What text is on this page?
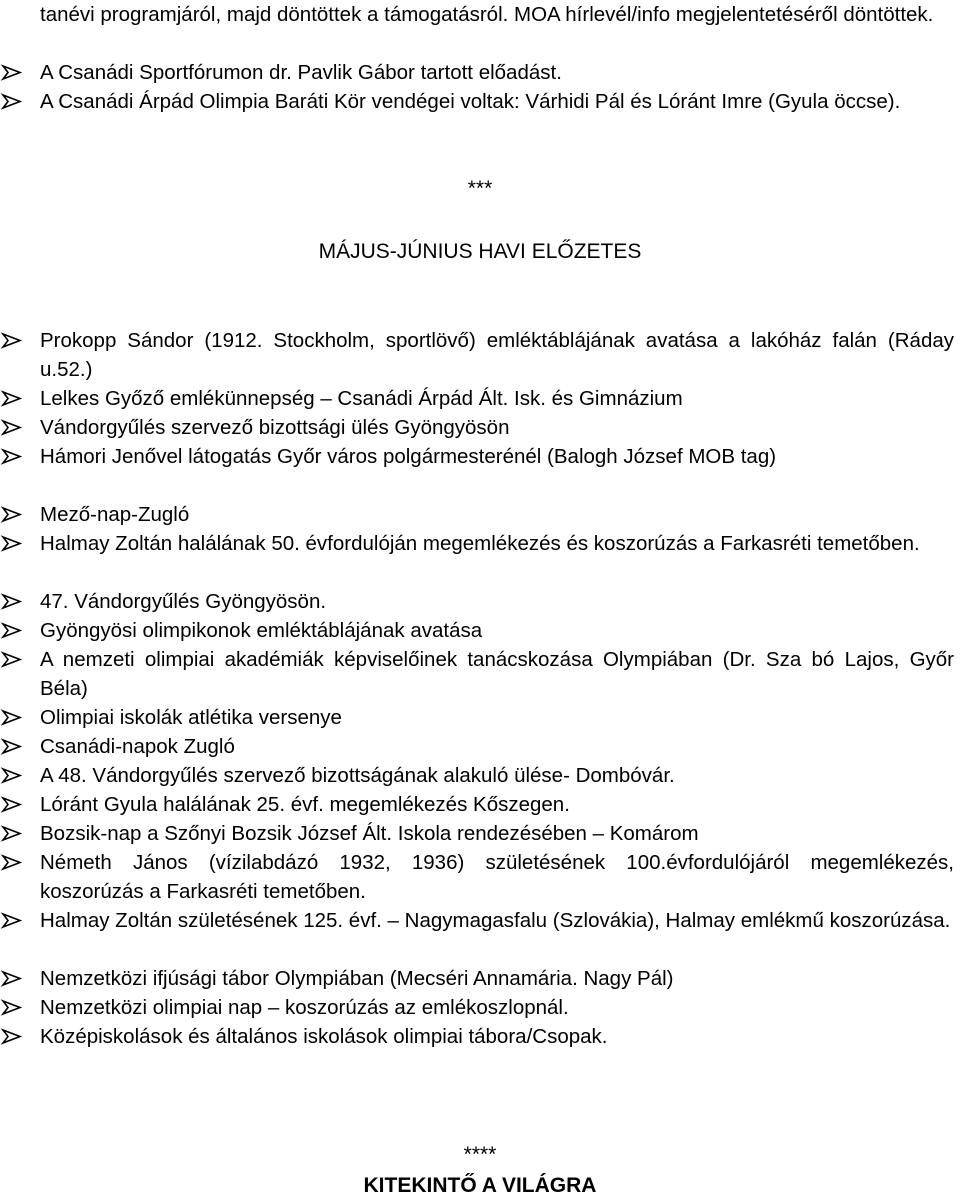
tanévi programjáról, majd döntöttek a támogatásról. MOA hírlevél/info megjelentetéséről döntöttek.
A Csanádi Sportfórumon dr. Pavlik Gábor tartott előadást.
A Csanádi Árpád Olimpia Baráti Kör vendégei voltak: Várhidi Pál és Lóránt Imre (Gyula öccse).
***
MÁJUS-JÚNIUS HAVI ELŐZETES
Prokopp Sándor (1912. Stockholm, sportlövő) emléktáblájának avatása a lakóház falán (Ráday u.52.)
Lelkes Győző emlékünnepség – Csanádi Árpád Ált. Isk. és Gimnázium
Vándorgyűlés szervező bizottsági ülés Gyöngyösön
Hámori Jenővel látogatás Győr város polgármesterénél (Balogh József MOB tag)
Mező-nap-Zugló
Halmay Zoltán halálának 50. évfordulóján megemlékezés és koszorúzás a Farkasréti temetőben.
47. Vándorgyűlés Gyöngyösön.
Gyöngyösi olimpikonok emléktáblájának avatása
A nemzeti olimpiai akadémiák képviselőinek tanácskozása Olympiában (Dr. Sza bó Lajos, Győr Béla)
Olimpiai iskolák atlétika versenye
Csanádi-napok Zugló
A 48. Vándorgyűlés szervező bizottságának alakuló ülése- Dombóvár.
Lóránt Gyula halálának 25. évf. megemlékezés Kőszegen.
Bozsik-nap a Szőnyi Bozsik József Ált. Iskola rendezésében – Komárom
Németh János (vízilabdázó 1932, 1936) születésének 100.évfordulójáról megemlékezés, koszorúzás a Farkasréti temetőben.
Halmay Zoltán születésének 125. évf. – Nagymagasfalu (Szlovákia), Halmay emlékmű koszorúzása.
Nemzetközi ifjúsági tábor Olympiában (Mecséri Annamária. Nagy Pál)
Nemzetközi olimpiai nap – koszorúzás az emlékoszlopnál.
Középiskolások és általános iskolások olimpiai tábora/Csopak.
****
KITEKINTŐ A VILÁGRA
